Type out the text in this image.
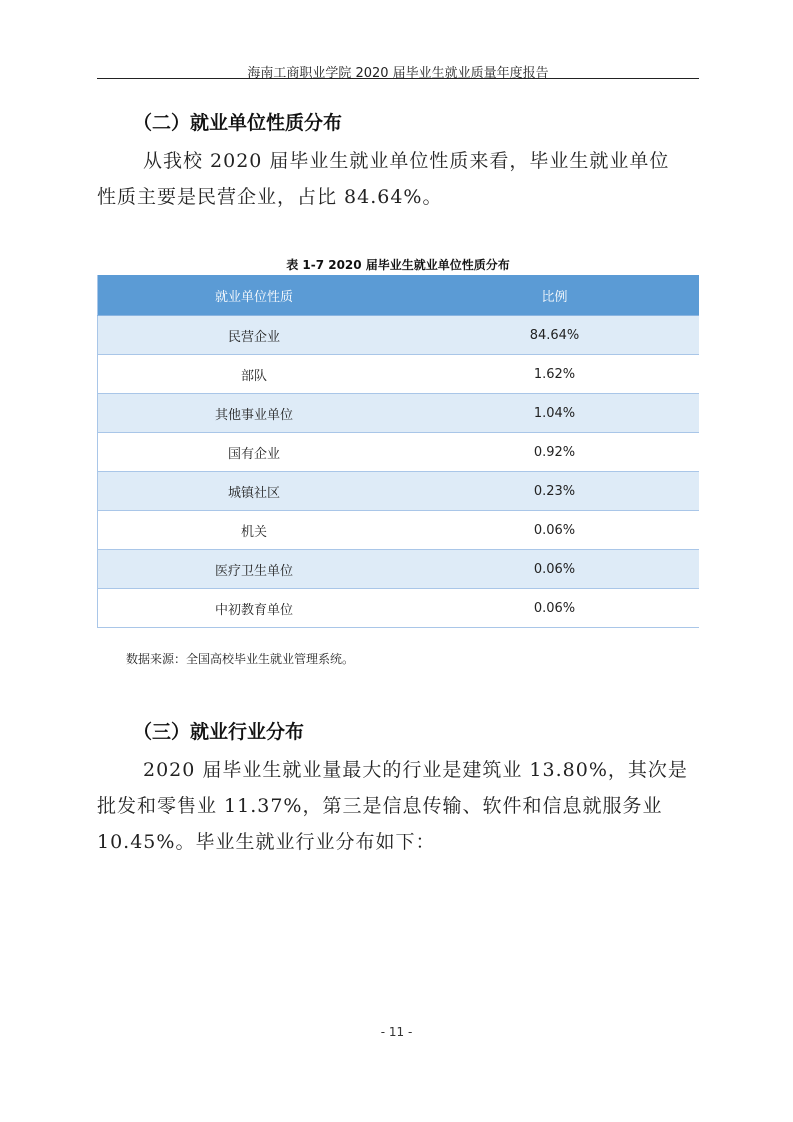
海南工商职业学院 2020 届毕业生就业质量年度报告
（二）就业单位性质分布
从我校 2020 届毕业生就业单位性质来看，毕业生就业单位
性质主要是民营企业，占比 84.64%。
表 1-7 2020 届毕业生就业单位性质分布
就业单位性质	比例
民营企业	84.64%
部队	1.62%
其他事业单位	1.04%
国有企业	0.92%
城镇社区	0.23%
机关	0.06%
医疗卫生单位	0.06%
中初教育单位	0.06%
数据来源：全国高校毕业生就业管理系统。
（三）就业行业分布
2020 届毕业生就业量最大的行业是建筑业 13.80%，其次是
批发和零售业 11.37%，第三是信息传输、软件和信息就服务业
10.45%。毕业生就业行业分布如下：
- 11 -
